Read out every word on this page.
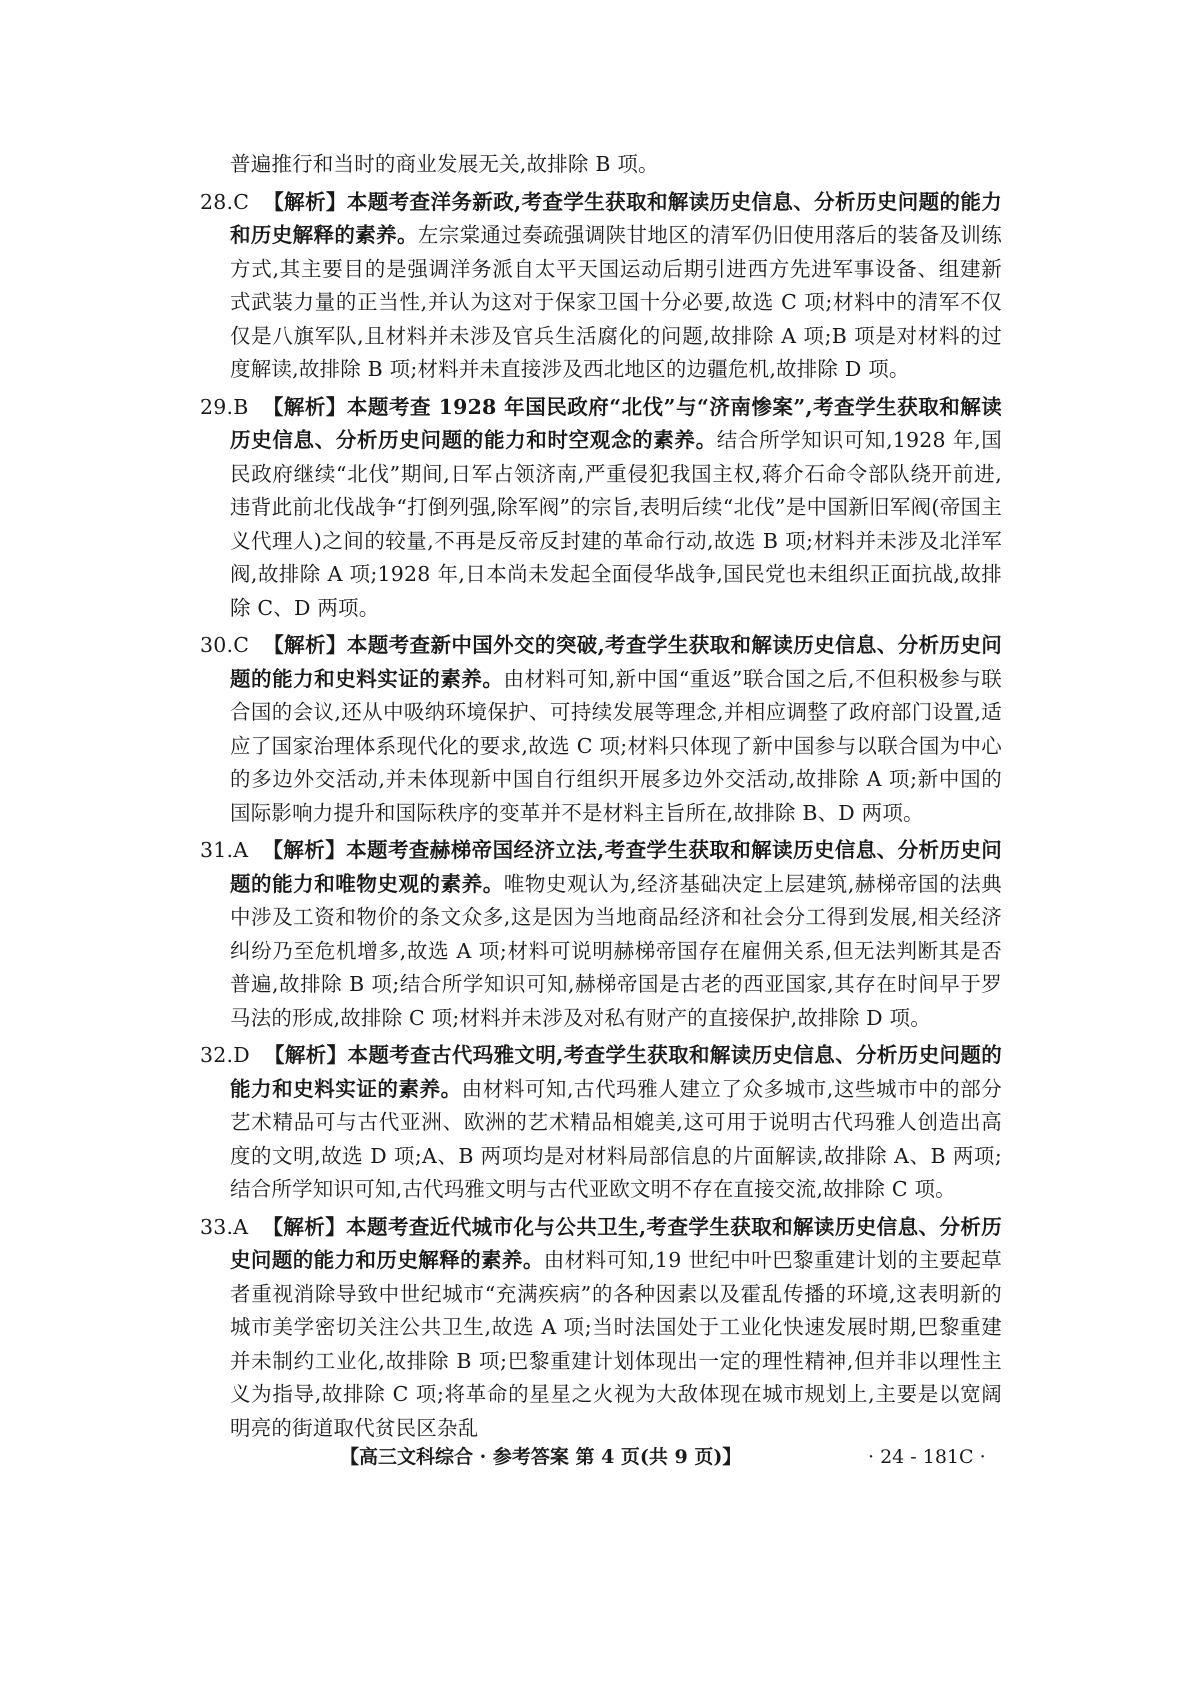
普遍推行和当时的商业发展无关,故排除 B 项。

28.C 【解析】本题考查洋务新政,考查学生获取和解读历史信息、分析历史问题的能力和历史解释的素养。左宗棠通过奏疏强调陕甘地区的清军仍旧使用落后的装备及训练方式,其主要目的是强调洋务派自太平天国运动后期引进西方先进军事设备、组建新式武装力量的正当性,并认为这对于保家卫国十分必要,故选 C 项;材料中的清军不仅仅是八旗军队,且材料并未涉及官兵生活腐化的问题,故排除 A 项;B 项是对材料的过度解读,故排除 B 项;材料并未直接涉及西北地区的边疆危机,故排除 D 项。

29.B 【解析】本题考查 1928 年国民政府“北伐”与“济南惨案”,考查学生获取和解读历史信息、分析历史问题的能力和时空观念的素养。结合所学知识可知,1928 年,国民政府继续“北伐”期间,日军占领济南,严重侵犯我国主权,蒋介石命令部队绕开前进,违背此前北伐战争“打倒列强,除军阀”的宗旨,表明后续“北伐”是中国新旧军阀(帝国主义代理人)之间的较量,不再是反帝反封建的革命行动,故选 B 项;材料并未涉及北洋军阀,故排除 A 项;1928 年,日本尚未发起全面侵华战争,国民党也未组织正面抗战,故排除 C、D 两项。

30.C 【解析】本题考查新中国外交的突破,考查学生获取和解读历史信息、分析历史问题的能力和史料实证的素养。由材料可知,新中国“重返”联合国之后,不但积极参与联合国的会议,还从中吸纳环境保护、可持续发展等理念,并相应调整了政府部门设置,适应了国家治理体系现代化的要求,故选 C 项;材料只体现了新中国参与以联合国为中心的多边外交活动,并未体现新中国自行组织开展多边外交活动,故排除 A 项;新中国的国际影响力提升和国际秩序的变革并不是材料主旨所在,故排除 B、D 两项。

31.A 【解析】本题考查赫梯帝国经济立法,考查学生获取和解读历史信息、分析历史问题的能力和唯物史观的素养。唯物史观认为,经济基础决定上层建筑,赫梯帝国的法典中涉及工资和物价的条文众多,这是因为当地商品经济和社会分工得到发展,相关经济纠纷乃至危机增多,故选 A 项;材料可说明赫梯帝国存在雇佣关系,但无法判断其是否普遍,故排除 B 项;结合所学知识可知,赫梯帝国是古老的西亚国家,其存在时间早于罗马法的形成,故排除 C 项;材料并未涉及对私有财产的直接保护,故排除 D 项。

32.D 【解析】本题考查古代玛雅文明,考查学生获取和解读历史信息、分析历史问题的能力和史料实证的素养。由材料可知,古代玛雅人建立了众多城市,这些城市中的部分艺术精品可与古代亚洲、欧洲的艺术精品相媲美,这可用于说明古代玛雅人创造出高度的文明,故选 D 项;A、B 两项均是对材料局部信息的片面解读,故排除 A、B 两项;结合所学知识可知,古代玛雅文明与古代亚欧文明不存在直接交流,故排除 C 项。

33.A 【解析】本题考查近代城市化与公共卫生,考查学生获取和解读历史信息、分析历史问题的能力和历史解释的素养。由材料可知,19 世纪中叶巴黎重建计划的主要起草者重视消除导致中世纪城市“充满疾病”的各种因素以及霍乱传播的环境,这表明新的城市美学密切关注公共卫生,故选 A 项;当时法国处于工业化快速发展时期,巴黎重建并未制约工业化,故排除 B 项;巴黎重建计划体现出一定的理性精神,但并非以理性主义为指导,故排除 C 项;将革命的星星之火视为大敌体现在城市规划上,主要是以宽阔明亮的街道取代贫民区杂乱

【高三文科综合 · 参考答案 第 4 页(共 9 页)】	· 24 - 181C ·
